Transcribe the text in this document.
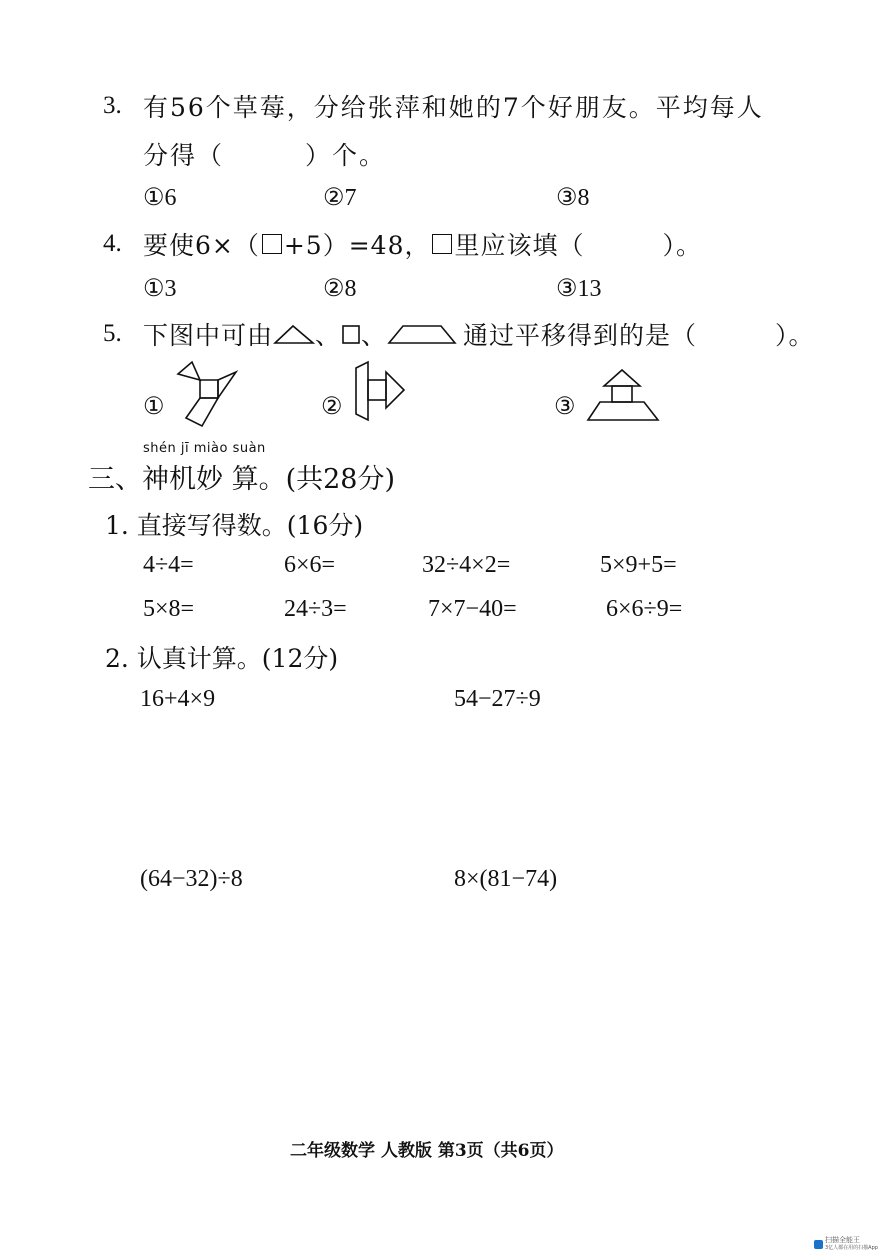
3. 有56个草莓，分给张萍和她的7个好朋友。平均每人
分得（　　　）个。
①6	②7	③8
4. 要使6×（ +5）=48， 里应该填（　　　）。
①3	②8	③13
5. 下图中可由 、 、	通过平移得到的是（　　　）。
①	②	③
shén jī miào suàn
三、神机妙 算。(共28分)
1. 直接写得数。(16分)
4÷4=	6×6=	32÷4×2=	5×9+5=
5×8=	24÷3=	7×7−40=	6×6÷9=
2. 认真计算。(12分)
16+4×9	54−27÷9
(64−32)÷8	8×(81−74)
二年级数学 人教版 第3页（共6页）
扫描全能王
3亿人都在用的扫描App
